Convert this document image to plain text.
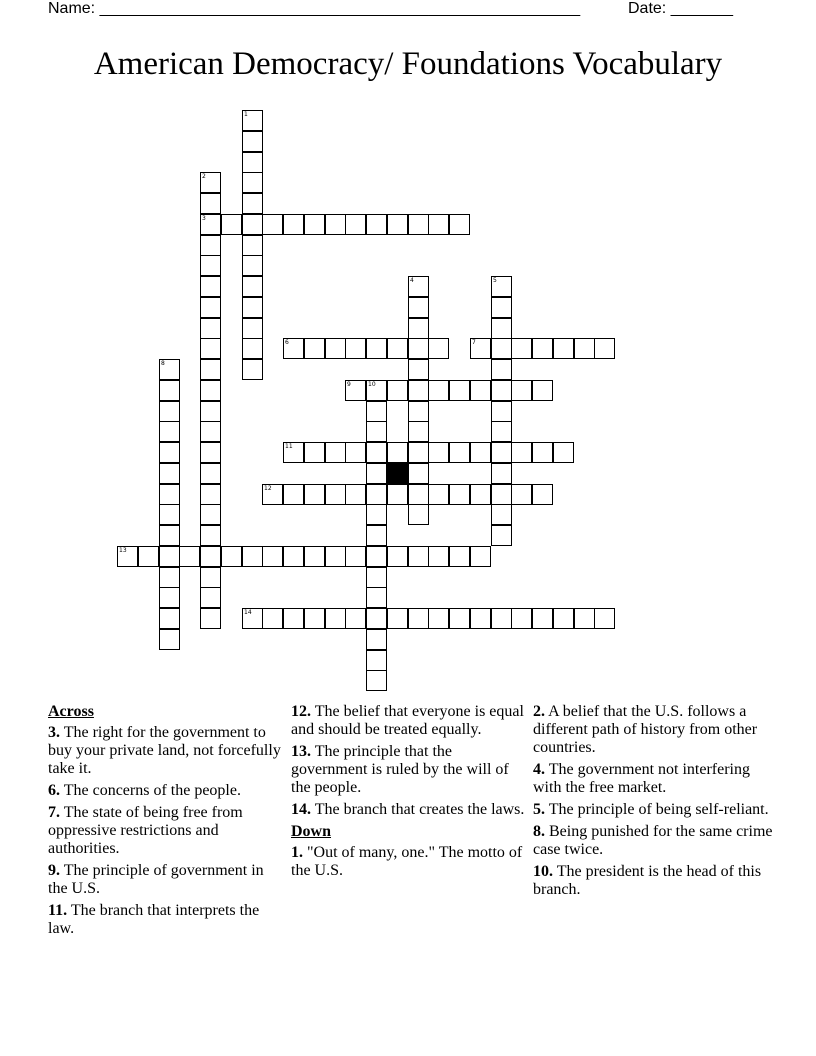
Name: ______________________________________________________	Date: _______
American Democracy/ Foundations Vocabulary
1
2
3
4	5
6	7
8
9	10
11
12
13
14
Across
3. The right for the government to buy your private land, not forcefully take it.
6. The concerns of the people.
7. The state of being free from oppressive restrictions and authorities.
9. The principle of government in the U.S.
11. The branch that interprets the law.
12. The belief that everyone is equal and should be treated equally.
13. The principle that the government is ruled by the will of the people.
14. The branch that creates the laws.
Down
1. "Out of many, one." The motto of the U.S.
2. A belief that the U.S. follows a different path of history from other countries.
4. The government not interfering with the free market.
5. The principle of being self-reliant.
8. Being punished for the same crime case twice.
10. The president is the head of this branch.
